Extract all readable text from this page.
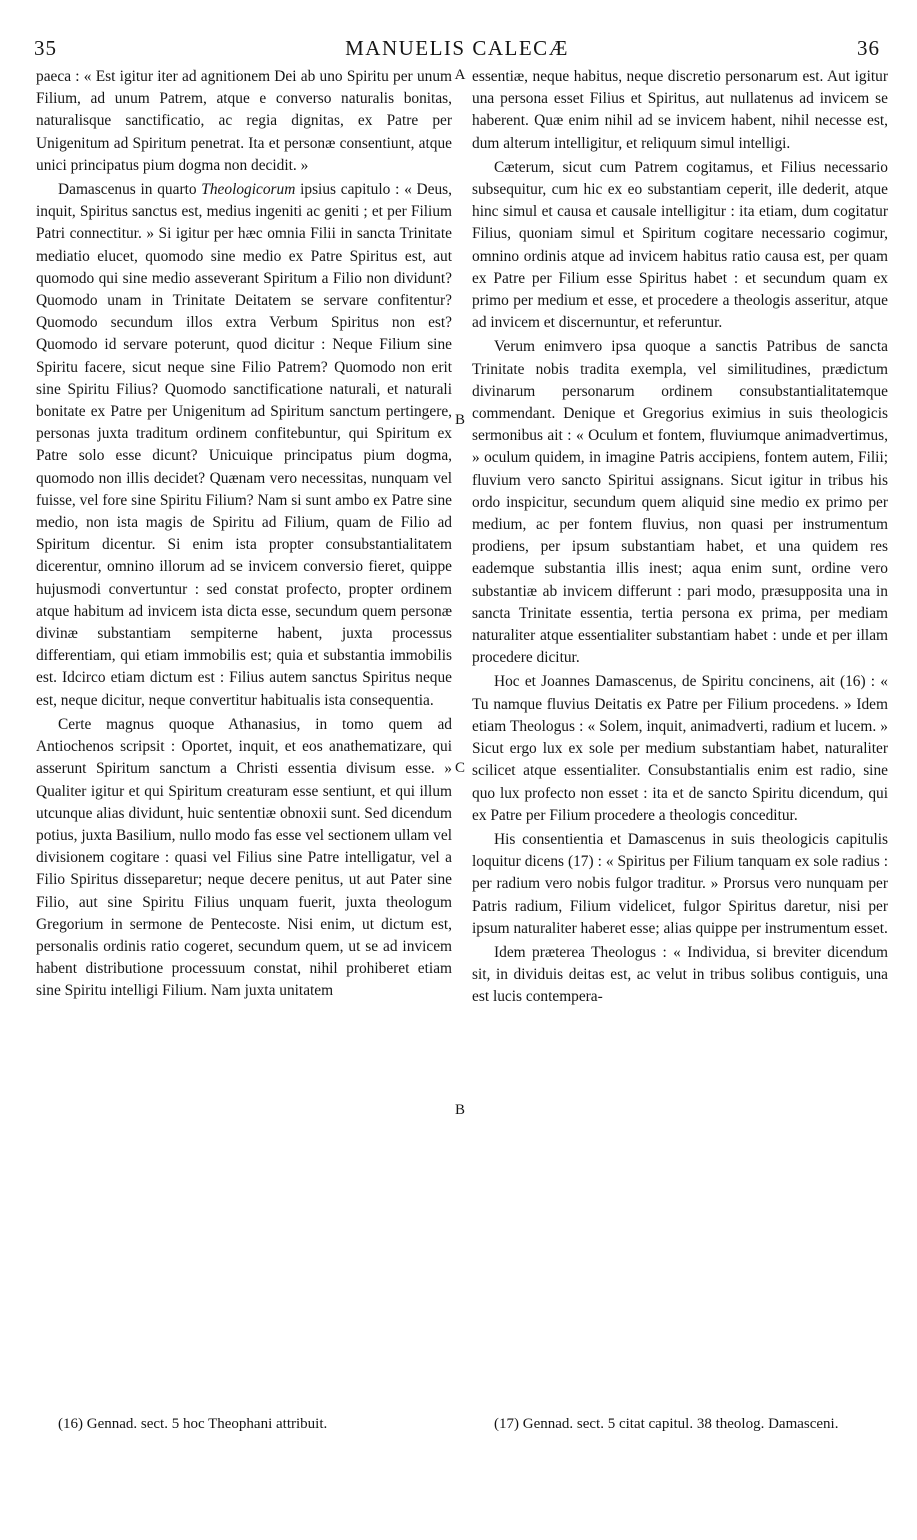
35	MANUELIS CALECÆ	36

paeca : « Est igitur iter ad agnitionem Dei ab uno Spiritu per unum Filium, ad unum Patrem, atque e converso naturalis bonitas, naturalisque sanctificatio, ac regia dignitas, ex Patre per Unigenitum ad Spiritum penetrat. Ita et personæ consentiunt, atque unici principatus pium dogma non decidit. »

Damascenus in quarto Theologicorum ipsius capitulo : « Deus, inquit, Spiritus sanctus est, medius ingeniti ac geniti ; et per Filium Patri connectitur. » Si igitur per hæc omnia Filii in sancta Trinitate mediatio elucet, quomodo sine medio ex Patre Spiritus est, aut quomodo qui sine medio asseverant Spiritum a Filio non dividunt? Quomodo unam in Trinitate Deitatem se servare confitentur? Quomodo secundum illos extra Verbum Spiritus non est? Quomodo id servare poterunt, quod dicitur : Neque Filium sine Spiritu facere, sicut neque sine Filio Patrem? Quomodo non erit sine Spiritu Filius? Quomodo sanctificatione naturali, et naturali bonitate ex Patre per Unigenitum ad Spiritum sanctum pertingere, personas juxta traditum ordinem confitebuntur, qui Spiritum ex Patre solo esse dicunt? Unicuique principatus pium dogma, quomodo non illis decidet? Quænam vero necessitas, nunquam vel fuisse, vel fore sine Spiritu Filium? Nam si sunt ambo ex Patre sine medio, non ista magis de Spiritu ad Filium, quam de Filio ad Spiritum dicentur. Si enim ista propter consubstantialitatem dicerentur, omnino illorum ad se invicem conversio fieret, quippe hujusmodi convertuntur : sed constat profecto, propter ordinem atque habitum ad invicem ista dicta esse, secundum quem personæ divinæ substantiam sempiterne habent, juxta processus differentiam, qui etiam immobilis est; quia et substantia immobilis est. Idcirco etiam dictum est : Filius autem sanctus Spiritus neque est, neque dicitur, neque convertitur habitualis ista consequentia.

Certe magnus quoque Athanasius, in tomo quem ad Antiochenos scripsit : Oportet, inquit, et eos anathematizare, qui asserunt Spiritum sanctum a Christi essentia divisum esse. » Qualiter igitur et qui Spiritum creaturam esse sentiunt, et qui illum utcunque alias dividunt, huic sententiæ obnoxii sunt. Sed dicendum potius, juxta Basilium, nullo modo fas esse vel sectionem ullam vel divisionem cogitare : quasi vel Filius sine Patre intelligatur, vel a Filio Spiritus disseparetur; neque decere penitus, ut aut Pater sine Filio, aut sine Spiritu Filius unquam fuerit, juxta theologum Gregorium in sermone de Pentecoste. Nisi enim, ut dictum est, personalis ordinis ratio cogeret, secundum quem, ut se ad invicem habent distributione processuum constat, nihil prohiberet etiam sine Spiritu intelligi Filium. Nam juxta unitatem

A
B
C
B

essentiæ, neque habitus, neque discretio personarum est. Aut igitur una persona esset Filius et Spiritus, aut nullatenus ad invicem se haberent. Quæ enim nihil ad se invicem habent, nihil necesse est, dum alterum intelligitur, et reliquum simul intelligi.

Cæterum, sicut cum Patrem cogitamus, et Filius necessario subsequitur, cum hic ex eo substantiam ceperit, ille dederit, atque hinc simul et causa et causale intelligitur : ita etiam, dum cogitatur Filius, quoniam simul et Spiritum cogitare necessario cogimur, omnino ordinis atque ad invicem habitus ratio causa est, per quam ex Patre per Filium esse Spiritus habet : et secundum quam ex primo per medium et esse, et procedere a theologis asseritur, atque ad invicem et discernuntur, et referuntur.

Verum enimvero ipsa quoque a sanctis Patribus de sancta Trinitate nobis tradita exempla, vel similitudines, prædictum divinarum personarum ordinem consubstantialitatemque commendant. Denique et Gregorius eximius in suis theologicis sermonibus ait : « Oculum et fontem, fluviumque animadvertimus, » oculum quidem, in imagine Patris accipiens, fontem autem, Filii; fluvium vero sancto Spiritui assignans. Sicut igitur in tribus his ordo inspicitur, secundum quem aliquid sine medio ex primo per medium, ac per fontem fluvius, non quasi per instrumentum prodiens, per ipsum substantiam habet, et una quidem res eademque substantia illis inest; aqua enim sunt, ordine vero substantiæ ab invicem differunt : pari modo, præsupposita una in sancta Trinitate essentia, tertia persona ex prima, per mediam naturaliter atque essentialiter substantiam habet : unde et per illam procedere dicitur.

Hoc et Joannes Damascenus, de Spiritu concinens, ait (16) : « Tu namque fluvius Deitatis ex Patre per Filium procedens. » Idem etiam Theologus : « Solem, inquit, animadverti, radium et lucem. » Sicut ergo lux ex sole per medium substantiam habet, naturaliter scilicet atque essentialiter. Consubstantialis enim est radio, sine quo lux profecto non esset : ita et de sancto Spiritu dicendum, qui ex Patre per Filium procedere a theologis conceditur.

His consentientia et Damascenus in suis theologicis capitulis loquitur dicens (17) : « Spiritus per Filium tanquam ex sole radius : per radium vero nobis fulgor traditur. » Prorsus vero nunquam per Patris radium, Filium videlicet, fulgor Spiritus daretur, nisi per ipsum naturaliter haberet esse; alias quippe per instrumentum esset.

Idem præterea Theologus : « Individua, si breviter dicendum sit, in dividuis deitas est, ac velut in tribus solibus contiguis, una est lucis contempera-

(16) Gennad. sect. 5 hoc Theophani attribuit.	(17) Gennad. sect. 5 citat capitul. 38 theolog. Damasceni.
